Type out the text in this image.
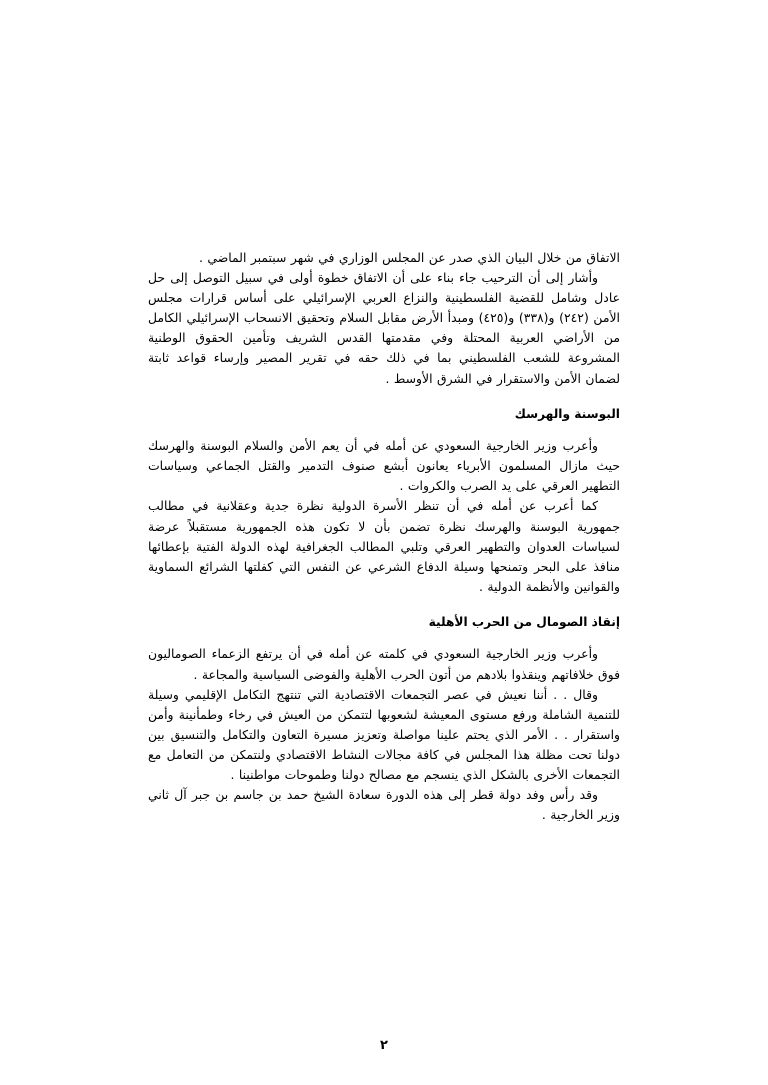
الاتفاق من خلال البيان الذي صدر عن المجلس الوزاري في شهر سبتمبر الماضي .

وأشار إلى أن الترحيب جاء بناء على أن الاتفاق خطوة أولى في سبيل التوصل إلى حل عادل وشامل للقضية الفلسطينية والنزاع العربي الإسرائيلي على أساس قرارات مجلس الأمن (٢٤٢) و(٣٣٨) و(٤٢٥) ومبدأ الأرض مقابل السلام وتحقيق الانسحاب الإسرائيلي الكامل من الأراضي العربية المحتلة وفي مقدمتها القدس الشريف وتأمين الحقوق الوطنية المشروعة للشعب الفلسطيني بما في ذلك حقه في تقرير المصير وإرساء قواعد ثابتة لضمان الأمن والاستقرار في الشرق الأوسط .

البوسنة والهرسك

وأعرب وزير الخارجية السعودي عن أمله في أن يعم الأمن والسلام البوسنة والهرسك حيث مازال المسلمون الأبرياء يعانون أبشع صنوف التدمير والقتل الجماعي وسياسات التطهير العرقي على يد الصرب والكروات .

كما أعرب عن أمله في أن تنظر الأسرة الدولية نظرة جدية وعقلانية في مطالب جمهورية البوسنة والهرسك نظرة تضمن بأن لا تكون هذه الجمهورية مستقبلاً عرضة لسياسات العدوان والتطهير العرقي وتلبي المطالب الجغرافية لهذه الدولة الفتية بإعطائها منافذ على البحر وتمنحها وسيلة الدفاع الشرعي عن النفس التي كفلتها الشرائع السماوية والقوانين والأنظمة الدولية .

إنقاذ الصومال من الحرب الأهلية

وأعرب وزير الخارجية السعودي في كلمته عن أمله في أن يرتفع الزعماء الصوماليون فوق خلافاتهم وينقذوا بلادهم من أتون الحرب الأهلية والفوضى السياسية والمجاعة .

وقال . . أننا نعيش في عصر التجمعات الاقتصادية التي تنتهج التكامل الإقليمي وسيلة للتنمية الشاملة ورفع مستوى المعيشة لشعوبها لتتمكن من العيش في رخاء وطمأنينة وأمن واستقرار . . الأمر الذي يحتم علينا مواصلة وتعزيز مسيرة التعاون والتكامل والتنسيق بين دولنا تحت مظلة هذا المجلس في كافة مجالات النشاط الاقتصادي ولنتمكن من التعامل مع التجمعات الأخرى بالشكل الذي ينسجم مع مصالح دولنا وطموحات مواطنينا .

وقد رأس وفد دولة قطر إلى هذه الدورة سعادة الشيخ حمد بن جاسم بن جبر آل ثاني وزير الخارجية .

٢
